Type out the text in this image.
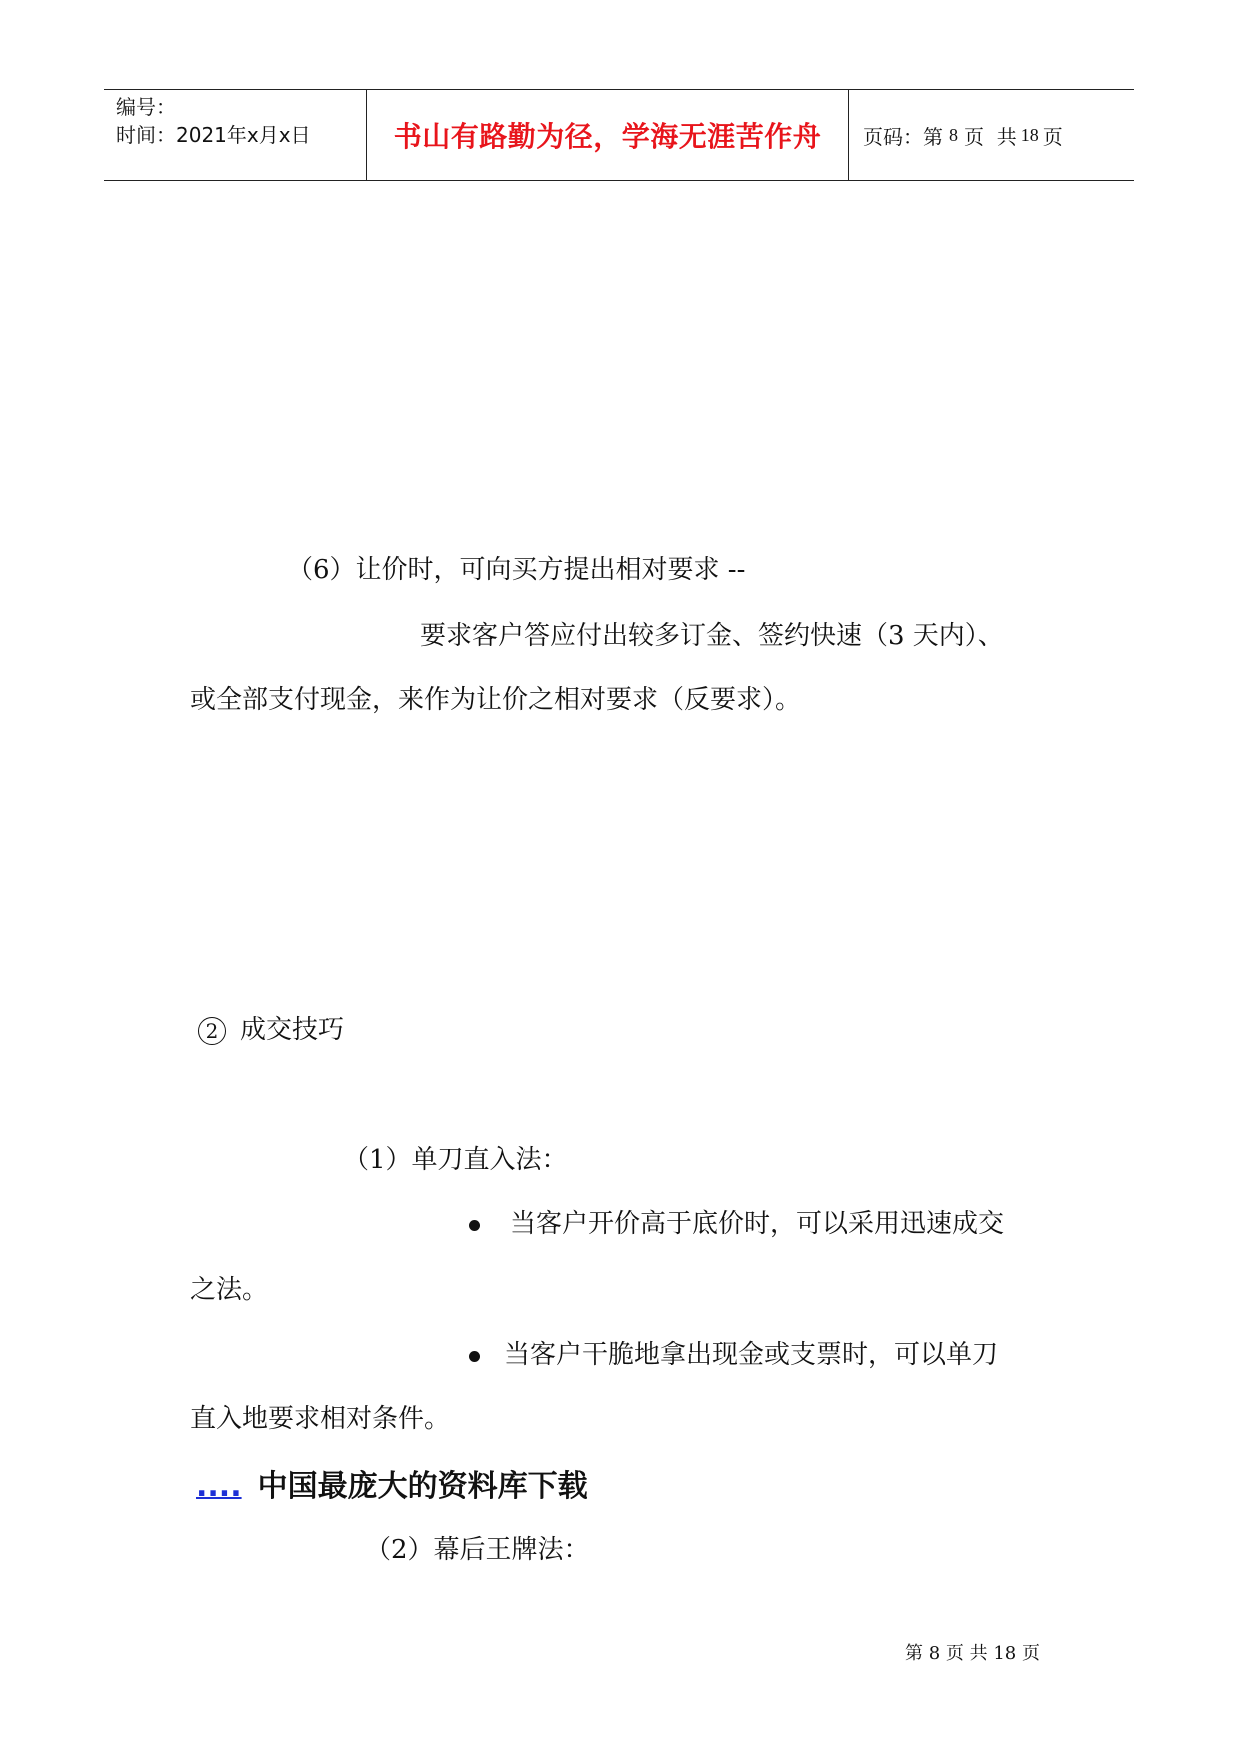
编号：
时间：2021年x月x日	书山有路勤为径，学海无涯苦作舟 页码：第 8 页  共 18 页
（6）让价时，可向买方提出相对要求 --
要求客户答应付出较多订金、签约快速（3 天内）、
或全部支付现金，来作为让价之相对要求（反要求）。
2 成交技巧
（1）单刀直入法：
当客户开价高于底价时，可以采用迅速成交
之法。
当客户干脆地拿出现金或支票时，可以单刀
直入地要求相对条件。
.... 中国最庞大的资料库下载
（2）幕后王牌法：
第 8 页 共 18 页
